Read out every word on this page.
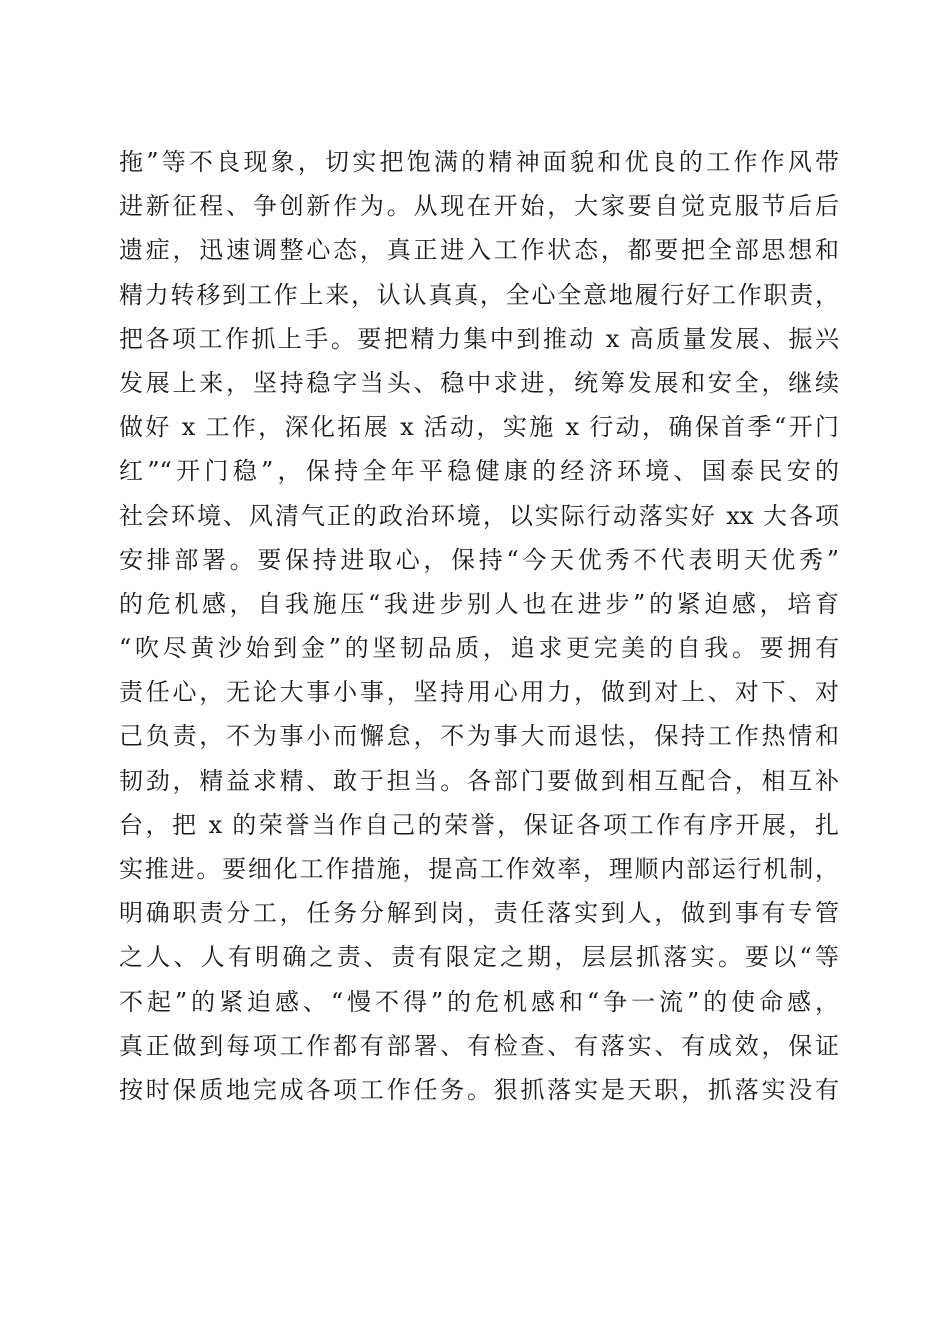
拖”等不良现象，切实把饱满的精神面貌和优良的工作作风带
进新征程、争创新作为。从现在开始，大家要自觉克服节后后
遗症，迅速调整心态，真正进入工作状态，都要把全部思想和
精力转移到工作上来，认认真真，全心全意地履行好工作职责，
把各项工作抓上手。要把精力集中到推动 x 高质量发展、振兴
发展上来，坚持稳字当头、稳中求进，统筹发展和安全，继续
做好 x 工作，深化拓展 x 活动，实施 x 行动，确保首季“开门
红”“开门稳”，保持全年平稳健康的经济环境、国泰民安的
社会环境、风清气正的政治环境，以实际行动落实好 xx 大各项
安排部署。要保持进取心，保持“今天优秀不代表明天优秀”
的危机感，自我施压“我进步别人也在进步”的紧迫感，培育
“吹尽黄沙始到金”的坚韧品质，追求更完美的自我。要拥有
责任心，无论大事小事，坚持用心用力，做到对上、对下、对
己负责，不为事小而懈怠，不为事大而退怯，保持工作热情和
韧劲，精益求精、敢于担当。各部门要做到相互配合，相互补
台，把 x 的荣誉当作自己的荣誉，保证各项工作有序开展，扎
实推进。要细化工作措施，提高工作效率，理顺内部运行机制，
明确职责分工，任务分解到岗，责任落实到人，做到事有专管
之人、人有明确之责、责有限定之期，层层抓落实。要以“等
不起”的紧迫感、“慢不得”的危机感和“争一流”的使命感，
真正做到每项工作都有部署、有检查、有落实、有成效，保证
按时保质地完成各项工作任务。狠抓落实是天职，抓落实没有
